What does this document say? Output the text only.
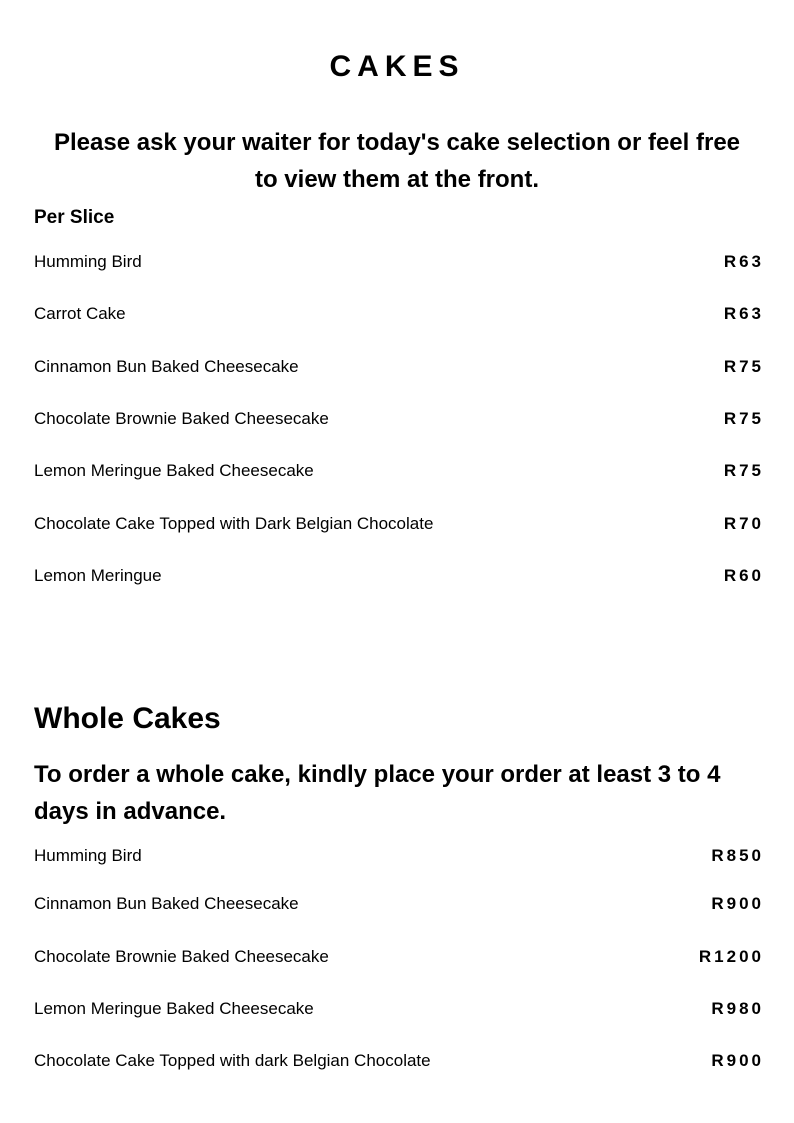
CAKES
Please ask your waiter for today's cake selection or feel free to view them at the front.
Per Slice
Humming Bird	R63
Carrot Cake	R63
Cinnamon Bun Baked Cheesecake	R75
Chocolate Brownie Baked Cheesecake	R75
Lemon Meringue Baked Cheesecake	R75
Chocolate Cake Topped with Dark Belgian Chocolate	R70
Lemon Meringue	R60
Whole Cakes
To order a whole cake, kindly place your order at least 3 to 4 days in advance.
Humming Bird	R850
Cinnamon Bun Baked Cheesecake	R900
Chocolate Brownie Baked Cheesecake	R1200
Lemon Meringue Baked Cheesecake	R980
Chocolate Cake Topped with dark Belgian Chocolate	R900
